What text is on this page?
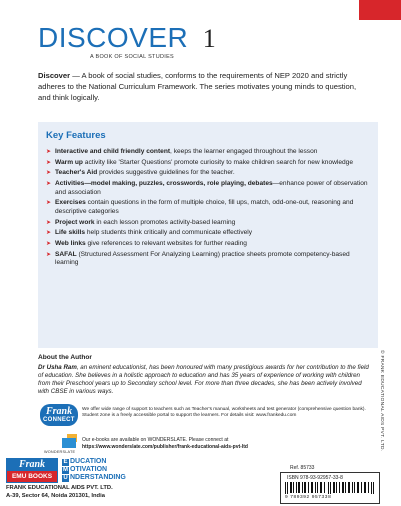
DISCOVER 1
A BOOK OF SOCIAL STUDIES
Discover — A book of social studies, conforms to the requirements of NEP 2020 and strictly adheres to the National Curriculum Framework. The series motivates young minds to question, and think logically.
Key Features
➤ Interactive and child friendly content, keeps the learner engaged throughout the lesson
➤ Warm up activity like 'Starter Questions' promote curiosity to make children search for new knowledge
➤ Teacher's Aid provides suggestive guidelines for the teacher.
➤ Activities—model making, puzzles, crosswords, role playing, debates—enhance power of observation and association
➤ Exercises contain questions in the form of multiple choice, fill ups, match, odd-one-out, reasoning and descriptive categories
➤ Project work in each lesson promotes activity-based learning
➤ Life skills help students think critically and communicate effectively
➤ Web links give references to relevant websites for further reading
➤ SAFAL (Structured Assessment For Analyzing Learning) practice sheets promote competency-based learning
About the Author
Dr Usha Ram, an eminent educationist, has been honoured with many prestigious awards for her contribution to the field of education. She believes in a holistic approach to education and has 35 years of experience of working with children from their Preschool years up to Secondary school level. For more than three decades, she has been actively involved with CBSE in various ways.	© FRANK EDUCATIONAL AIDS PVT. LTD.
Frank
CONNECT
We offer wide range of support to teachers such as Teacher's manual, worksheets and test generator (comprehensive question bank). Student zone is a freely accessible portal to support the learners. For details visit: www.frankedu.com
WONDERSLATE
Our e-books are available on WONDERSLATE. Please connect at
https://www.wonderslate.com/publisher/frank-educational-aids-pvt-ltd
Frank
EMU BOOKS
E DUCATION
M OTIVATION
U NDERSTANDING
FRANK EDUCATIONAL AIDS PVT. LTD.
A-39, Sector 64, Noida 201301, India
Ref. 85733
ISBN 978-93-92957-33-8
9 789392 957338
